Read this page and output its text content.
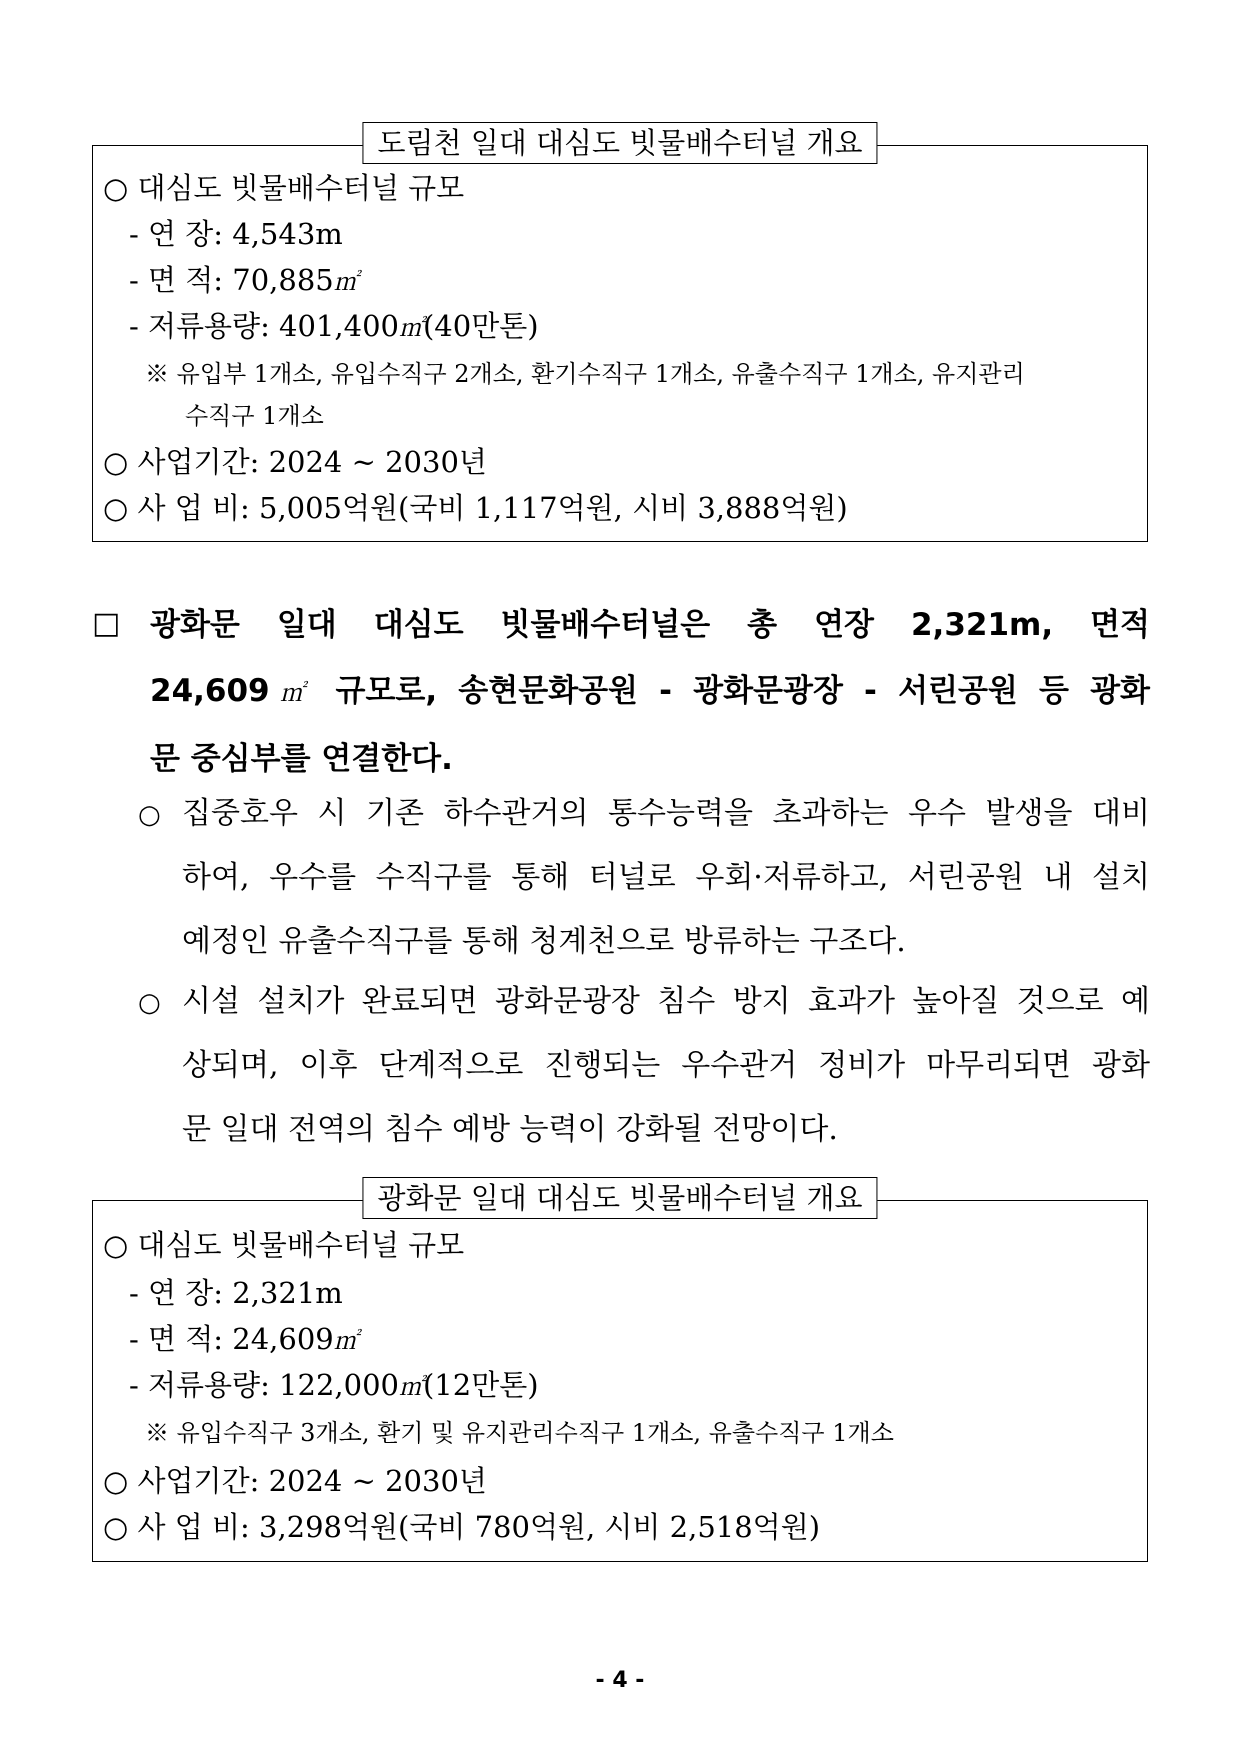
도림천 일대 대심도 빗물배수터널 개요
○ 대심도 빗물배수터널 규모
- 연 장: 4,543m
- 면 적: 70,885㎡
- 저류용량: 401,400㎡(40만톤)
※ 유입부 1개소, 유입수직구 2개소, 환기수직구 1개소, 유출수직구 1개소, 유지관리
수직구 1개소
○ 사업기간: 2024 ~ 2030년
○ 사 업 비: 5,005억원(국비 1,117억원, 시비 3,888억원)
□ 광화문 일대 대심도 빗물배수터널은 총 연장 2,321m, 면적
24,609㎡ 규모로, 송현문화공원 - 광화문광장 - 서린공원 등 광화
문 중심부를 연결한다.
○ 집중호우 시 기존 하수관거의 통수능력을 초과하는 우수 발생을 대비
하여, 우수를 수직구를 통해 터널로 우회·저류하고, 서린공원 내 설치
예정인 유출수직구를 통해 청계천으로 방류하는 구조다.
○ 시설 설치가 완료되면 광화문광장 침수 방지 효과가 높아질 것으로 예
상되며, 이후 단계적으로 진행되는 우수관거 정비가 마무리되면 광화
문 일대 전역의 침수 예방 능력이 강화될 전망이다.
광화문 일대 대심도 빗물배수터널 개요
○ 대심도 빗물배수터널 규모
- 연 장: 2,321m
- 면 적: 24,609㎡
- 저류용량: 122,000㎡(12만톤)
※ 유입수직구 3개소, 환기 및 유지관리수직구 1개소, 유출수직구 1개소
○ 사업기간: 2024 ~ 2030년
○ 사 업 비: 3,298억원(국비 780억원, 시비 2,518억원)
- 4 -
